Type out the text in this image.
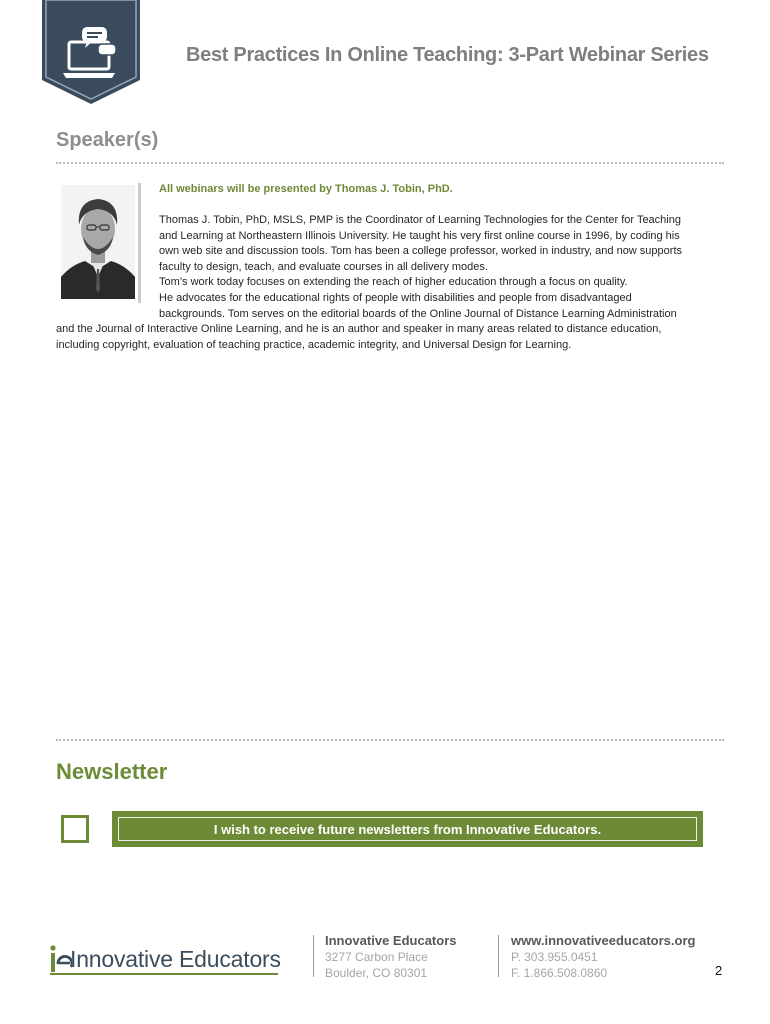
Best Practices In Online Teaching: 3-Part Webinar Series
Speaker(s)
All webinars will be presented by Thomas J. Tobin, PhD.
Thomas J. Tobin, PhD, MSLS, PMP is the Coordinator of Learning Technologies for the Center for Teaching
and Learning at Northeastern Illinois University. He taught his very first online course in 1996, by coding his
own web site and discussion tools. Tom has been a college professor, worked in industry, and now supports
faculty to design, teach, and evaluate courses in all delivery modes.
Tom’s work today focuses on extending the reach of higher education through a focus on quality.
He advocates for the educational rights of people with disabilities and people from disadvantaged
backgrounds. Tom serves on the editorial boards of the Online Journal of Distance Learning Administration
and the Journal of Interactive Online Learning, and he is an author and speaker in many areas related to distance education,
including copyright, evaluation of teaching practice, academic integrity, and Universal Design for Learning.
Newsletter
I wish to receive future newsletters from Innovative Educators.
Innovative Educators
Innovative Educators
3277 Carbon Place
Boulder, CO 80301
www.innovativeeducators.org
P. 303.955.0451
F. 1.866.508.0860	2
